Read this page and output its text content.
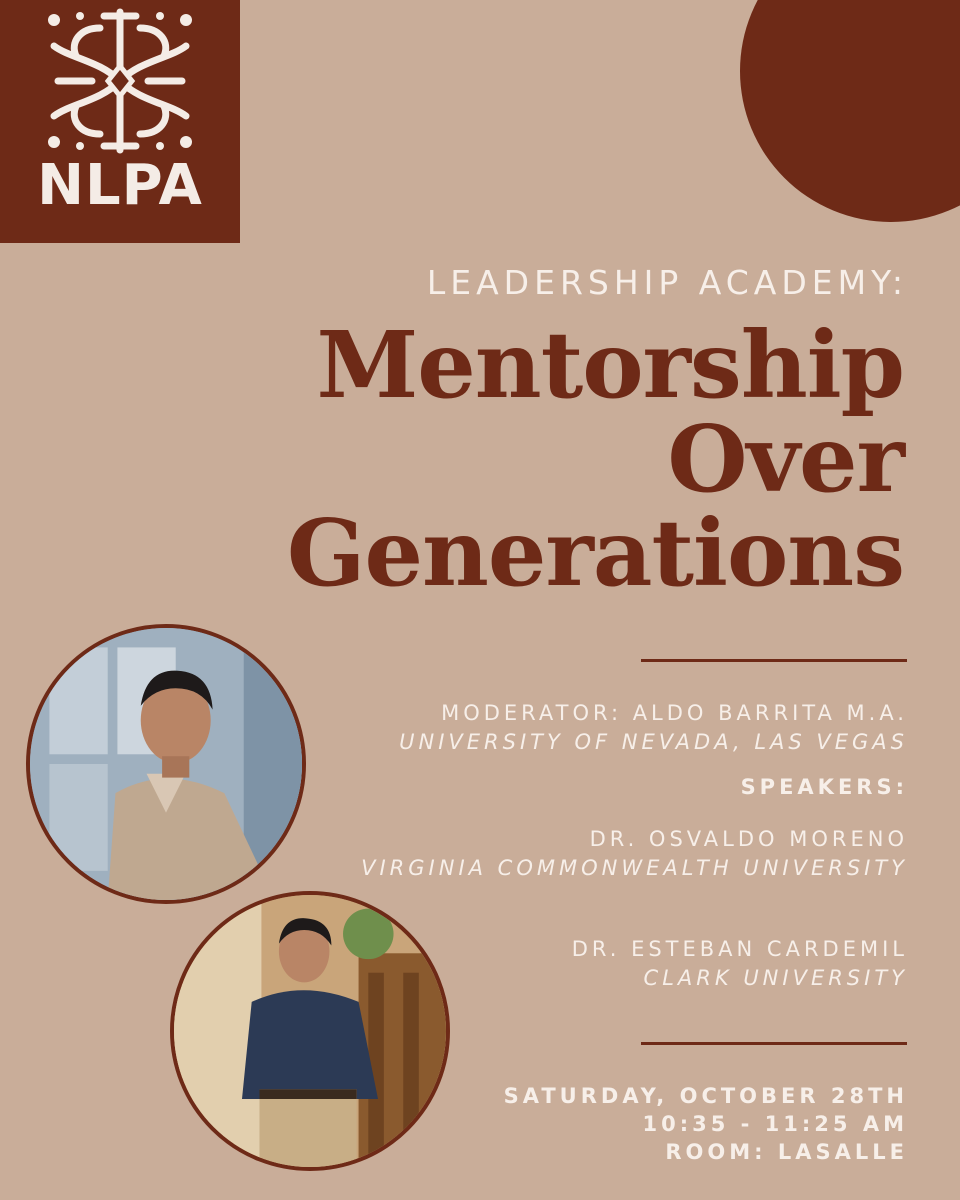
NLPA
LEADERSHIP ACADEMY:
Mentorship
Over
Generations
MODERATOR: ALDO BARRITA M.A.
UNIVERSITY OF NEVADA, LAS VEGAS
SPEAKERS:
DR. OSVALDO MORENO
VIRGINIA COMMONWEALTH UNIVERSITY
DR. ESTEBAN CARDEMIL
CLARK UNIVERSITY
SATURDAY, OCTOBER 28TH
10:35 - 11:25 AM
ROOM: LASALLE
